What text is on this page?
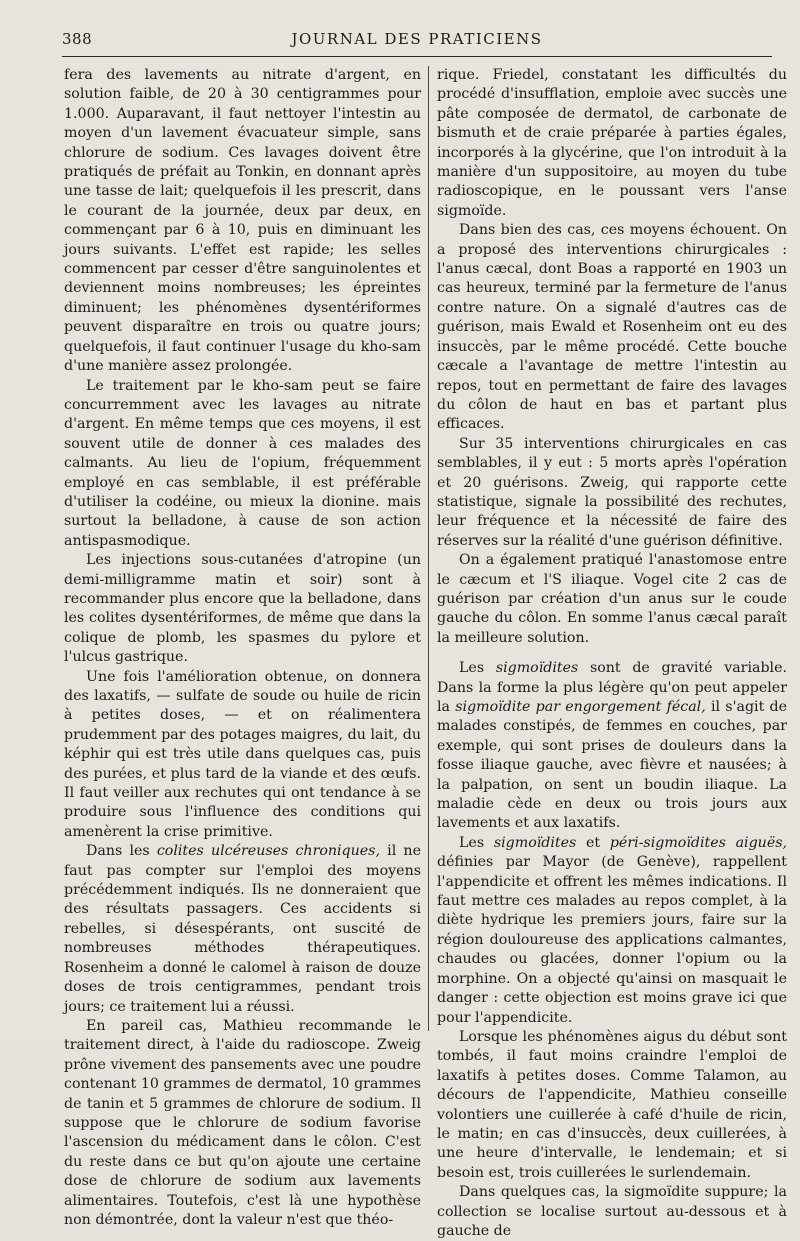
388	JOURNAL DES PRATICIENS

fera des lavements au nitrate d'argent, en solution faible, de 20 à 30 centigrammes pour 1.000. Auparavant, il faut nettoyer l'intestin au moyen d'un lavement évacuateur simple, sans chlorure de sodium. Ces lavages doivent être pratiqués de préfait au Tonkin, en donnant après une tasse de lait; quelquefois il les prescrit, dans le courant de la journée, deux par deux, en commençant par 6 à 10, puis en diminuant les jours suivants. L'effet est rapide; les selles commencent par cesser d'être sanguinolentes et deviennent moins nombreuses; les épreintes diminuent; les phénomènes dysentériformes peuvent disparaître en trois ou quatre jours; quelquefois, il faut continuer l'usage du kho-sam d'une manière assez prolongée.

Le traitement par le kho-sam peut se faire concurremment avec les lavages au nitrate d'argent. En même temps que ces moyens, il est souvent utile de donner à ces malades des calmants. Au lieu de l'opium, fréquemment employé en cas semblable, il est préférable d'utiliser la codéine, ou mieux la dionine. mais surtout la belladone, à cause de son action antispasmodique.

Les injections sous-cutanées d'atropine (un demi-milligramme matin et soir) sont à recommander plus encore que la belladone, dans les colites dysentériformes, de même que dans la colique de plomb, les spasmes du pylore et l'ulcus gastrique.

Une fois l'amélioration obtenue, on donnera des laxatifs, — sulfate de soude ou huile de ricin à petites doses, — et on réalimentera prudemment par des potages maigres, du lait, du képhir qui est très utile dans quelques cas, puis des purées, et plus tard de la viande et des œufs. Il faut veiller aux rechutes qui ont tendance à se produire sous l'influence des conditions qui amenèrent la crise primitive.

Dans les colites ulcéreuses chroniques, il ne faut pas compter sur l'emploi des moyens précédemment indiqués. Ils ne donneraient que des résultats passagers. Ces accidents si rebelles, si désespérants, ont suscité de nombreuses méthodes thérapeutiques. Rosenheim a donné le calomel à raison de douze doses de trois centigrammes, pendant trois jours; ce traitement lui a réussi.

En pareil cas, Mathieu recommande le traitement direct, à l'aide du radioscope. Zweig prône vivement des pansements avec une poudre contenant 10 grammes de dermatol, 10 grammes de tanin et 5 grammes de chlorure de sodium. Il suppose que le chlorure de sodium favorise l'ascension du médicament dans le côlon. C'est du reste dans ce but qu'on ajoute une certaine dose de chlorure de sodium aux lavements alimentaires. Toutefois, c'est là une hypothèse non démontrée, dont la valeur n'est que théo-

rique. Friedel, constatant les difficultés du procédé d'insufflation, emploie avec succès une pâte composée de dermatol, de carbonate de bismuth et de craie préparée à parties égales, incorporés à la glycérine, que l'on introduit à la manière d'un suppositoire, au moyen du tube radioscopique, en le poussant vers l'anse sigmoïde.

Dans bien des cas, ces moyens échouent. On a proposé des interventions chirurgicales : l'anus cæcal, dont Boas a rapporté en 1903 un cas heureux, terminé par la fermeture de l'anus contre nature. On a signalé d'autres cas de guérison, mais Ewald et Rosenheim ont eu des insuccès, par le même procédé. Cette bouche cæcale a l'avantage de mettre l'intestin au repos, tout en permettant de faire des lavages du côlon de haut en bas et partant plus efficaces.

Sur 35 interventions chirurgicales en cas semblables, il y eut : 5 morts après l'opération et 20 guérisons. Zweig, qui rapporte cette statistique, signale la possibilité des rechutes, leur fréquence et la nécessité de faire des réserves sur la réalité d'une guérison définitive.

On a également pratiqué l'anastomose entre le cæcum et l'S iliaque. Vogel cite 2 cas de guérison par création d'un anus sur le coude gauche du côlon. En somme l'anus cæcal paraît la meilleure solution.

Les sigmoïdites sont de gravité variable. Dans la forme la plus légère qu'on peut appeler la sigmoïdite par engorgement fécal, il s'agit de malades constipés, de femmes en couches, par exemple, qui sont prises de douleurs dans la fosse iliaque gauche, avec fièvre et nausées; à la palpation, on sent un boudin iliaque. La maladie cède en deux ou trois jours aux lavements et aux laxatifs.

Les sigmoïdites et péri-sigmoïdites aiguës, définies par Mayor (de Genève), rappellent l'appendicite et offrent les mêmes indications. Il faut mettre ces malades au repos complet, à la diète hydrique les premiers jours, faire sur la région douloureuse des applications calmantes, chaudes ou glacées, donner l'opium ou la morphine. On a objecté qu'ainsi on masquait le danger : cette objection est moins grave ici que pour l'appendicite.

Lorsque les phénomènes aigus du début sont tombés, il faut moins craindre l'emploi de laxatifs à petites doses. Comme Talamon, au décours de l'appendicite, Mathieu conseille volontiers une cuillerée à café d'huile de ricin, le matin; en cas d'insuccès, deux cuillerées, à une heure d'intervalle, le lendemain; et si besoin est, trois cuillerées le surlendemain.

Dans quelques cas, la sigmoïdite suppure; la collection se localise surtout au-dessous et à gauche de
